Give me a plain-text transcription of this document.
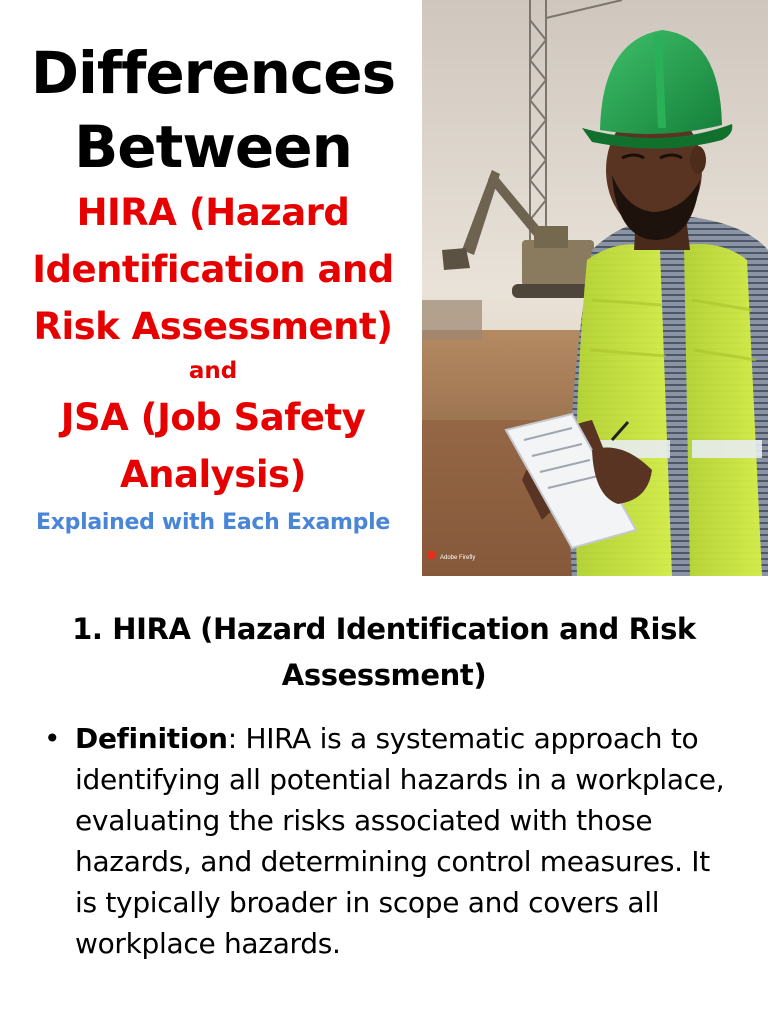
Differences
Between
HIRA (Hazard
Identification and
Risk Assessment)
and
JSA (Job Safety
Analysis)
Explained with Each Example
Adobe Firefly
1. HIRA (Hazard Identification and Risk
Assessment)
• Definition: HIRA is a systematic approach to identifying all potential hazards in a workplace, evaluating the risks associated with those hazards, and determining control measures. It is typically broader in scope and covers all workplace hazards.
